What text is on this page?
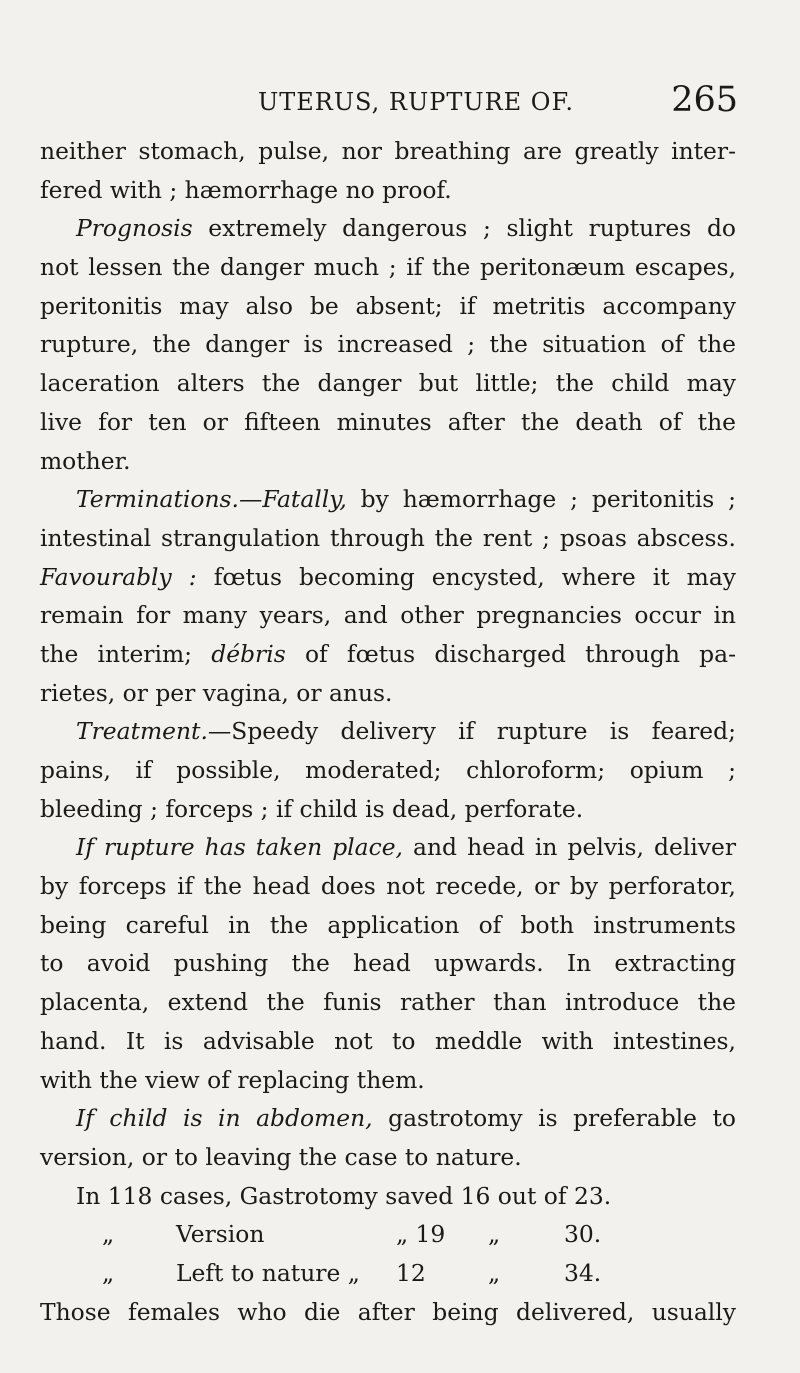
UTERUS, RUPTURE OF.	265
neither stomach, pulse, nor breathing are greatly inter-
fered with ; hæmorrhage no proof.
Prognosis extremely dangerous ; slight ruptures do
not lessen the danger much ; if the peritonæum escapes,
peritonitis may also be absent; if metritis accompany
rupture, the danger is increased ; the situation of the
laceration alters the danger but little; the child may
live for ten or fifteen minutes after the death of the
mother.
Terminations.—Fatally, by hæmorrhage ; peritonitis ;
intestinal strangulation through the rent ; psoas abscess.
Favourably : fœtus becoming encysted, where it may
remain for many years, and other pregnancies occur in
the interim; débris of fœtus discharged through pa-
rietes, or per vagina, or anus.
Treatment.—Speedy delivery if rupture is feared;
pains, if possible, moderated; chloroform; opium ;
bleeding ; forceps ; if child is dead, perforate.
If rupture has taken place, and head in pelvis, deliver
by forceps if the head does not recede, or by perforator,
being careful in the application of both instruments
to avoid pushing the head upwards. In extracting
placenta, extend the funis rather than introduce the
hand. It is advisable not to meddle with intestines,
with the view of replacing them.
If child is in abdomen, gastrotomy is preferable to
version, or to leaving the case to nature.
In 118 cases, Gastrotomy saved 16 out of 23.
„	Version	„ 19	„	30.
„	Left to nature „	12	„	34.
Those females who die after being delivered, usually
